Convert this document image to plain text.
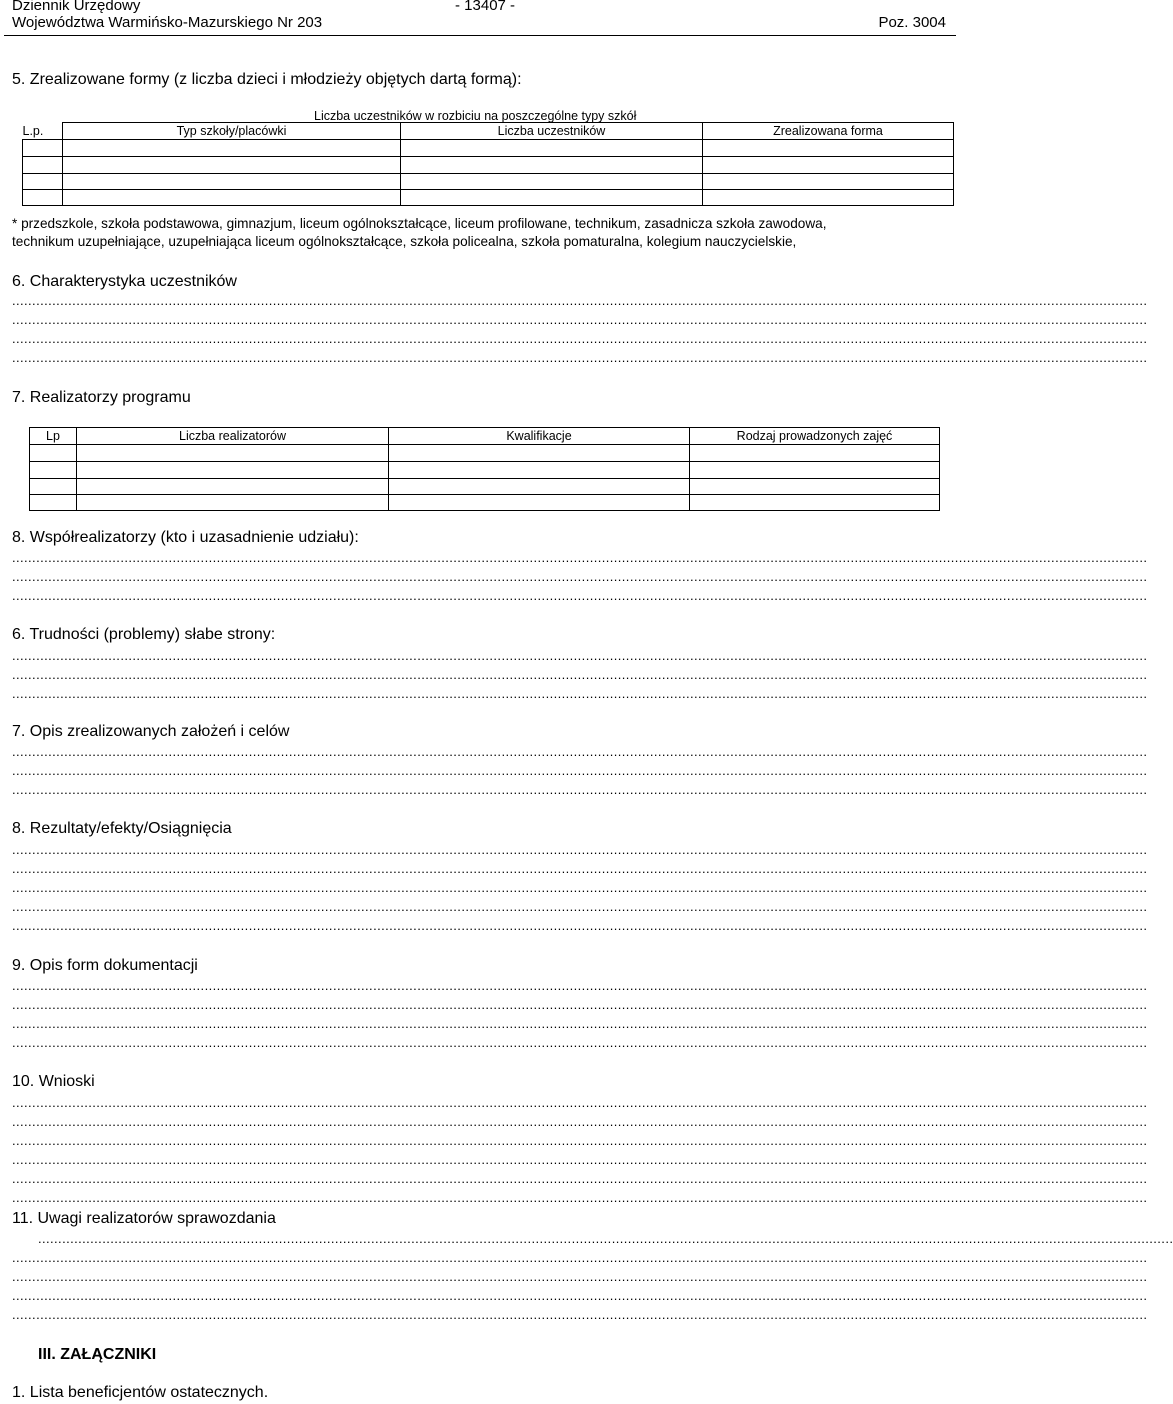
Dziennik Urzędowy
Województwa Warmińsko-Mazurskiego Nr 203
- 13407 -
Poz. 3004
5. Zrealizowane formy (z liczba dzieci i młodzieży objętych dartą formą):
Liczba uczestników w rozbiciu na poszczególne typy szkół
L.p.	Typ szkoły/placówki	Liczba uczestników	Zrealizowana forma

* przedszkole, szkoła podstawowa, gimnazjum, liceum ogólnokształcące, liceum profilowane, technikum, zasadnicza szkoła zawodowa,
technikum uzupełniające, uzupełniająca liceum ogólnokształcące, szkoła policealna, szkoła pomaturalna, kolegium nauczycielskie,
6. Charakterystyka uczestników
...........................................................................................................................................................................................................................................................................................
...........................................................................................................................................................................................................................................................................................
...........................................................................................................................................................................................................................................................................................
...........................................................................................................................................................................................................................................................................................
7. Realizatorzy programu
Lp	Liczba realizatorów	Kwalifikacje	Rodzaj prowadzonych zajęć

8. Współrealizatorzy (kto i uzasadnienie udziału):
...........................................................................................................................................................................................................................................................................................
...........................................................................................................................................................................................................................................................................................
...........................................................................................................................................................................................................................................................................................
6. Trudności (problemy) słabe strony:
...........................................................................................................................................................................................................................................................................................
...........................................................................................................................................................................................................................................................................................
...........................................................................................................................................................................................................................................................................................
7. Opis zrealizowanych założeń i celów
...........................................................................................................................................................................................................................................................................................
...........................................................................................................................................................................................................................................................................................
...........................................................................................................................................................................................................................................................................................
8. Rezultaty/efekty/Osiągnięcia
...........................................................................................................................................................................................................................................................................................
...........................................................................................................................................................................................................................................................................................
...........................................................................................................................................................................................................................................................................................
...........................................................................................................................................................................................................................................................................................
...........................................................................................................................................................................................................................................................................................
9. Opis form dokumentacji
...........................................................................................................................................................................................................................................................................................
...........................................................................................................................................................................................................................................................................................
...........................................................................................................................................................................................................................................................................................
...........................................................................................................................................................................................................................................................................................
10. Wnioski
...........................................................................................................................................................................................................................................................................................
...........................................................................................................................................................................................................................................................................................
...........................................................................................................................................................................................................................................................................................
...........................................................................................................................................................................................................................................................................................
...........................................................................................................................................................................................................................................................................................
...........................................................................................................................................................................................................................................................................................
11. Uwagi realizatorów sprawozdania
...........................................................................................................................................................................................................................................................................................
...........................................................................................................................................................................................................................................................................................
...........................................................................................................................................................................................................................................................................................
...........................................................................................................................................................................................................................................................................................
...........................................................................................................................................................................................................................................................................................
III. ZAŁĄCZNIKI
1. Lista beneficjentów ostatecznych.
